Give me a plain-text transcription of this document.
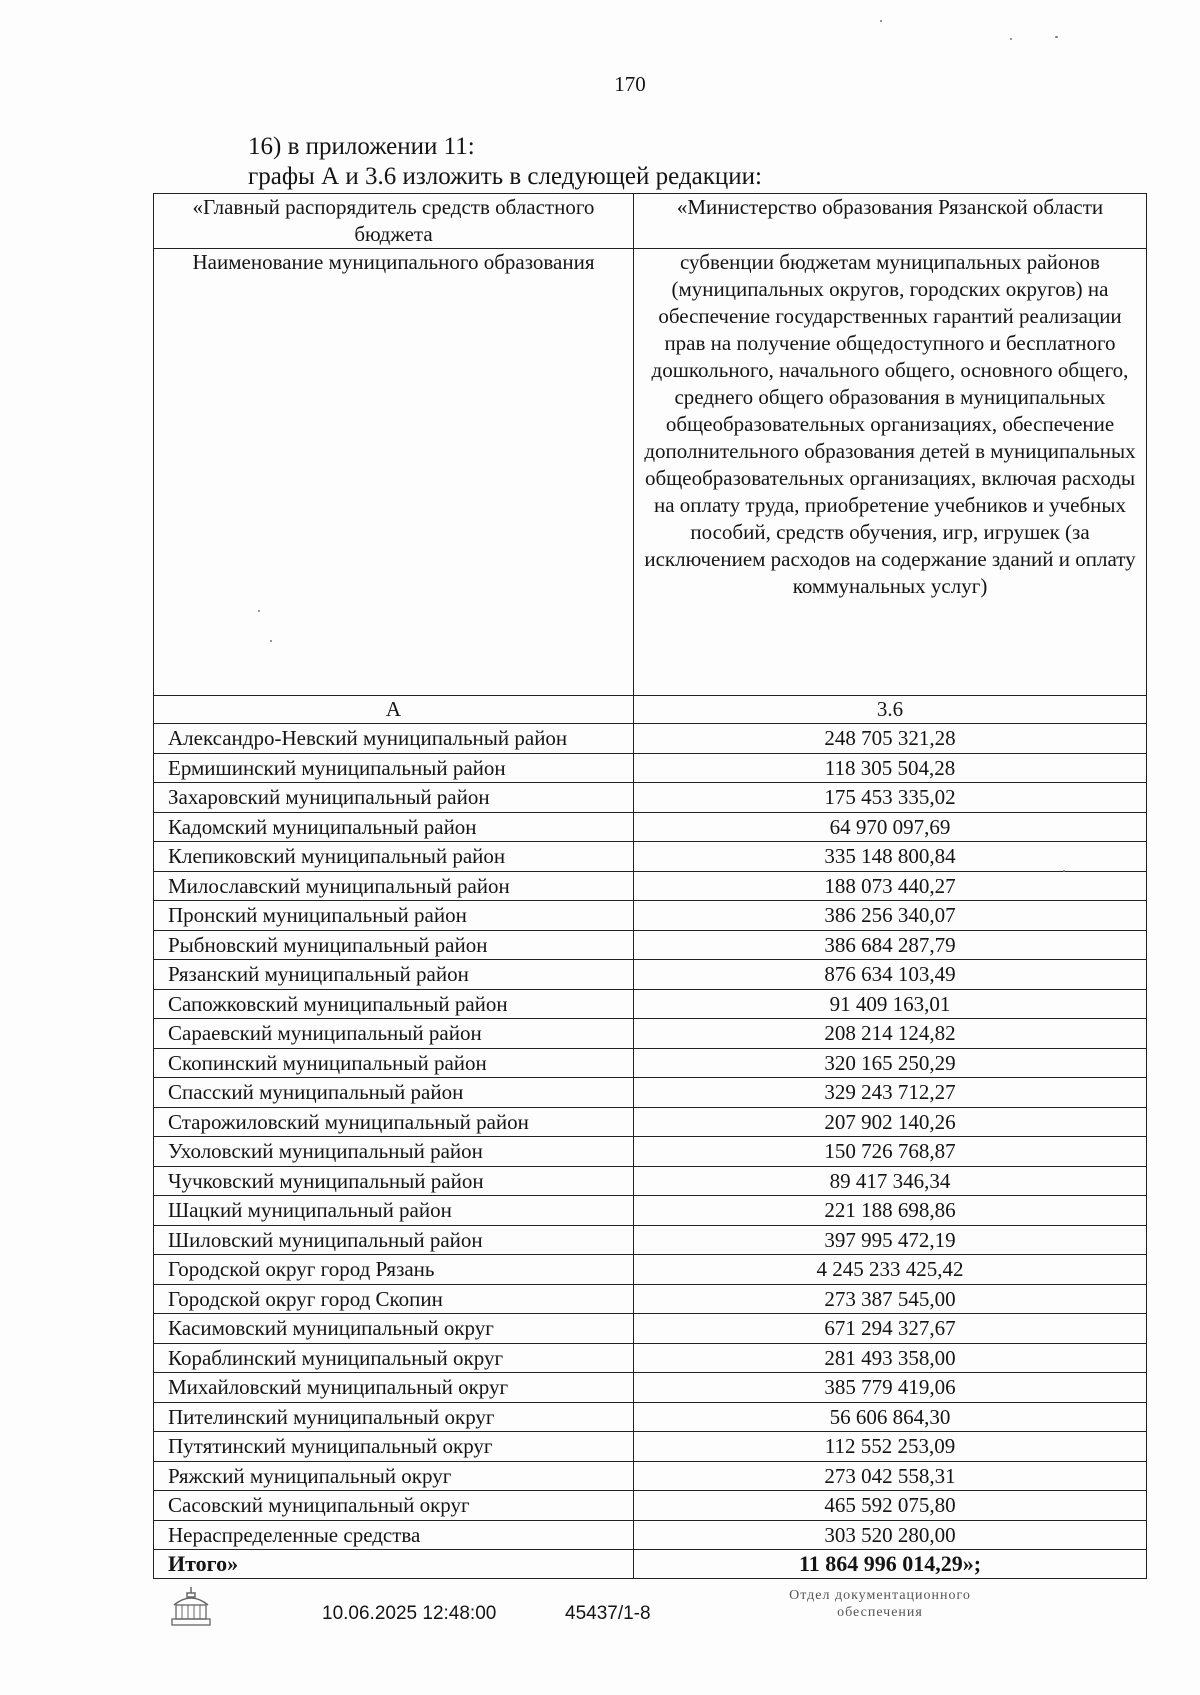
170
16) в приложении 11:
графы А и 3.6 изложить в следующей редакции:
«Главный распорядитель средств областного бюджета	«Министерство образования Рязанской области
Наименование муниципального образования	субвенции бюджетам муниципальных районов (муниципальных округов, городских округов) на обеспечение государственных гарантий реализации прав на получение общедоступного и бесплатного дошкольного, начального общего, основного общего, среднего общего образования в муниципальных общеобразовательных организациях, обеспечение дополнительного образования детей в муниципальных общеобразовательных организациях, включая расходы на оплату труда, приобретение учебников и учебных пособий, средств обучения, игр, игрушек (за исключением расходов на содержание зданий и оплату коммунальных услуг)
А	3.6
Александро-Невский муниципальный район	248 705 321,28
Ермишинский муниципальный район	118 305 504,28
Захаровский муниципальный район	175 453 335,02
Кадомский муниципальный район	64 970 097,69
Клепиковский муниципальный район	335 148 800,84
Милославский муниципальный район	188 073 440,27
Пронский муниципальный район	386 256 340,07
Рыбновский муниципальный район	386 684 287,79
Рязанский муниципальный район	876 634 103,49
Сапожковский муниципальный район	91 409 163,01
Сараевский муниципальный район	208 214 124,82
Скопинский муниципальный район	320 165 250,29
Спасский муниципальный район	329 243 712,27
Старожиловский муниципальный район	207 902 140,26
Ухоловский муниципальный район	150 726 768,87
Чучковский муниципальный район	89 417 346,34
Шацкий муниципальный район	221 188 698,86
Шиловский муниципальный район	397 995 472,19
Городской округ город Рязань	4 245 233 425,42
Городской округ город Скопин	273 387 545,00
Касимовский муниципальный округ	671 294 327,67
Кораблинский муниципальный округ	281 493 358,00
Михайловский муниципальный округ	385 779 419,06
Пителинский муниципальный округ	56 606 864,30
Путятинский муниципальный округ	112 552 253,09
Ряжский муниципальный округ	273 042 558,31
Сасовский муниципальный округ	465 592 075,80
Нераспределенные средства	303 520 280,00
Итого»	11 864 996 014,29»;
10.06.2025 12:48:00	45437/1-8
Отдел документационного
обеспечения
